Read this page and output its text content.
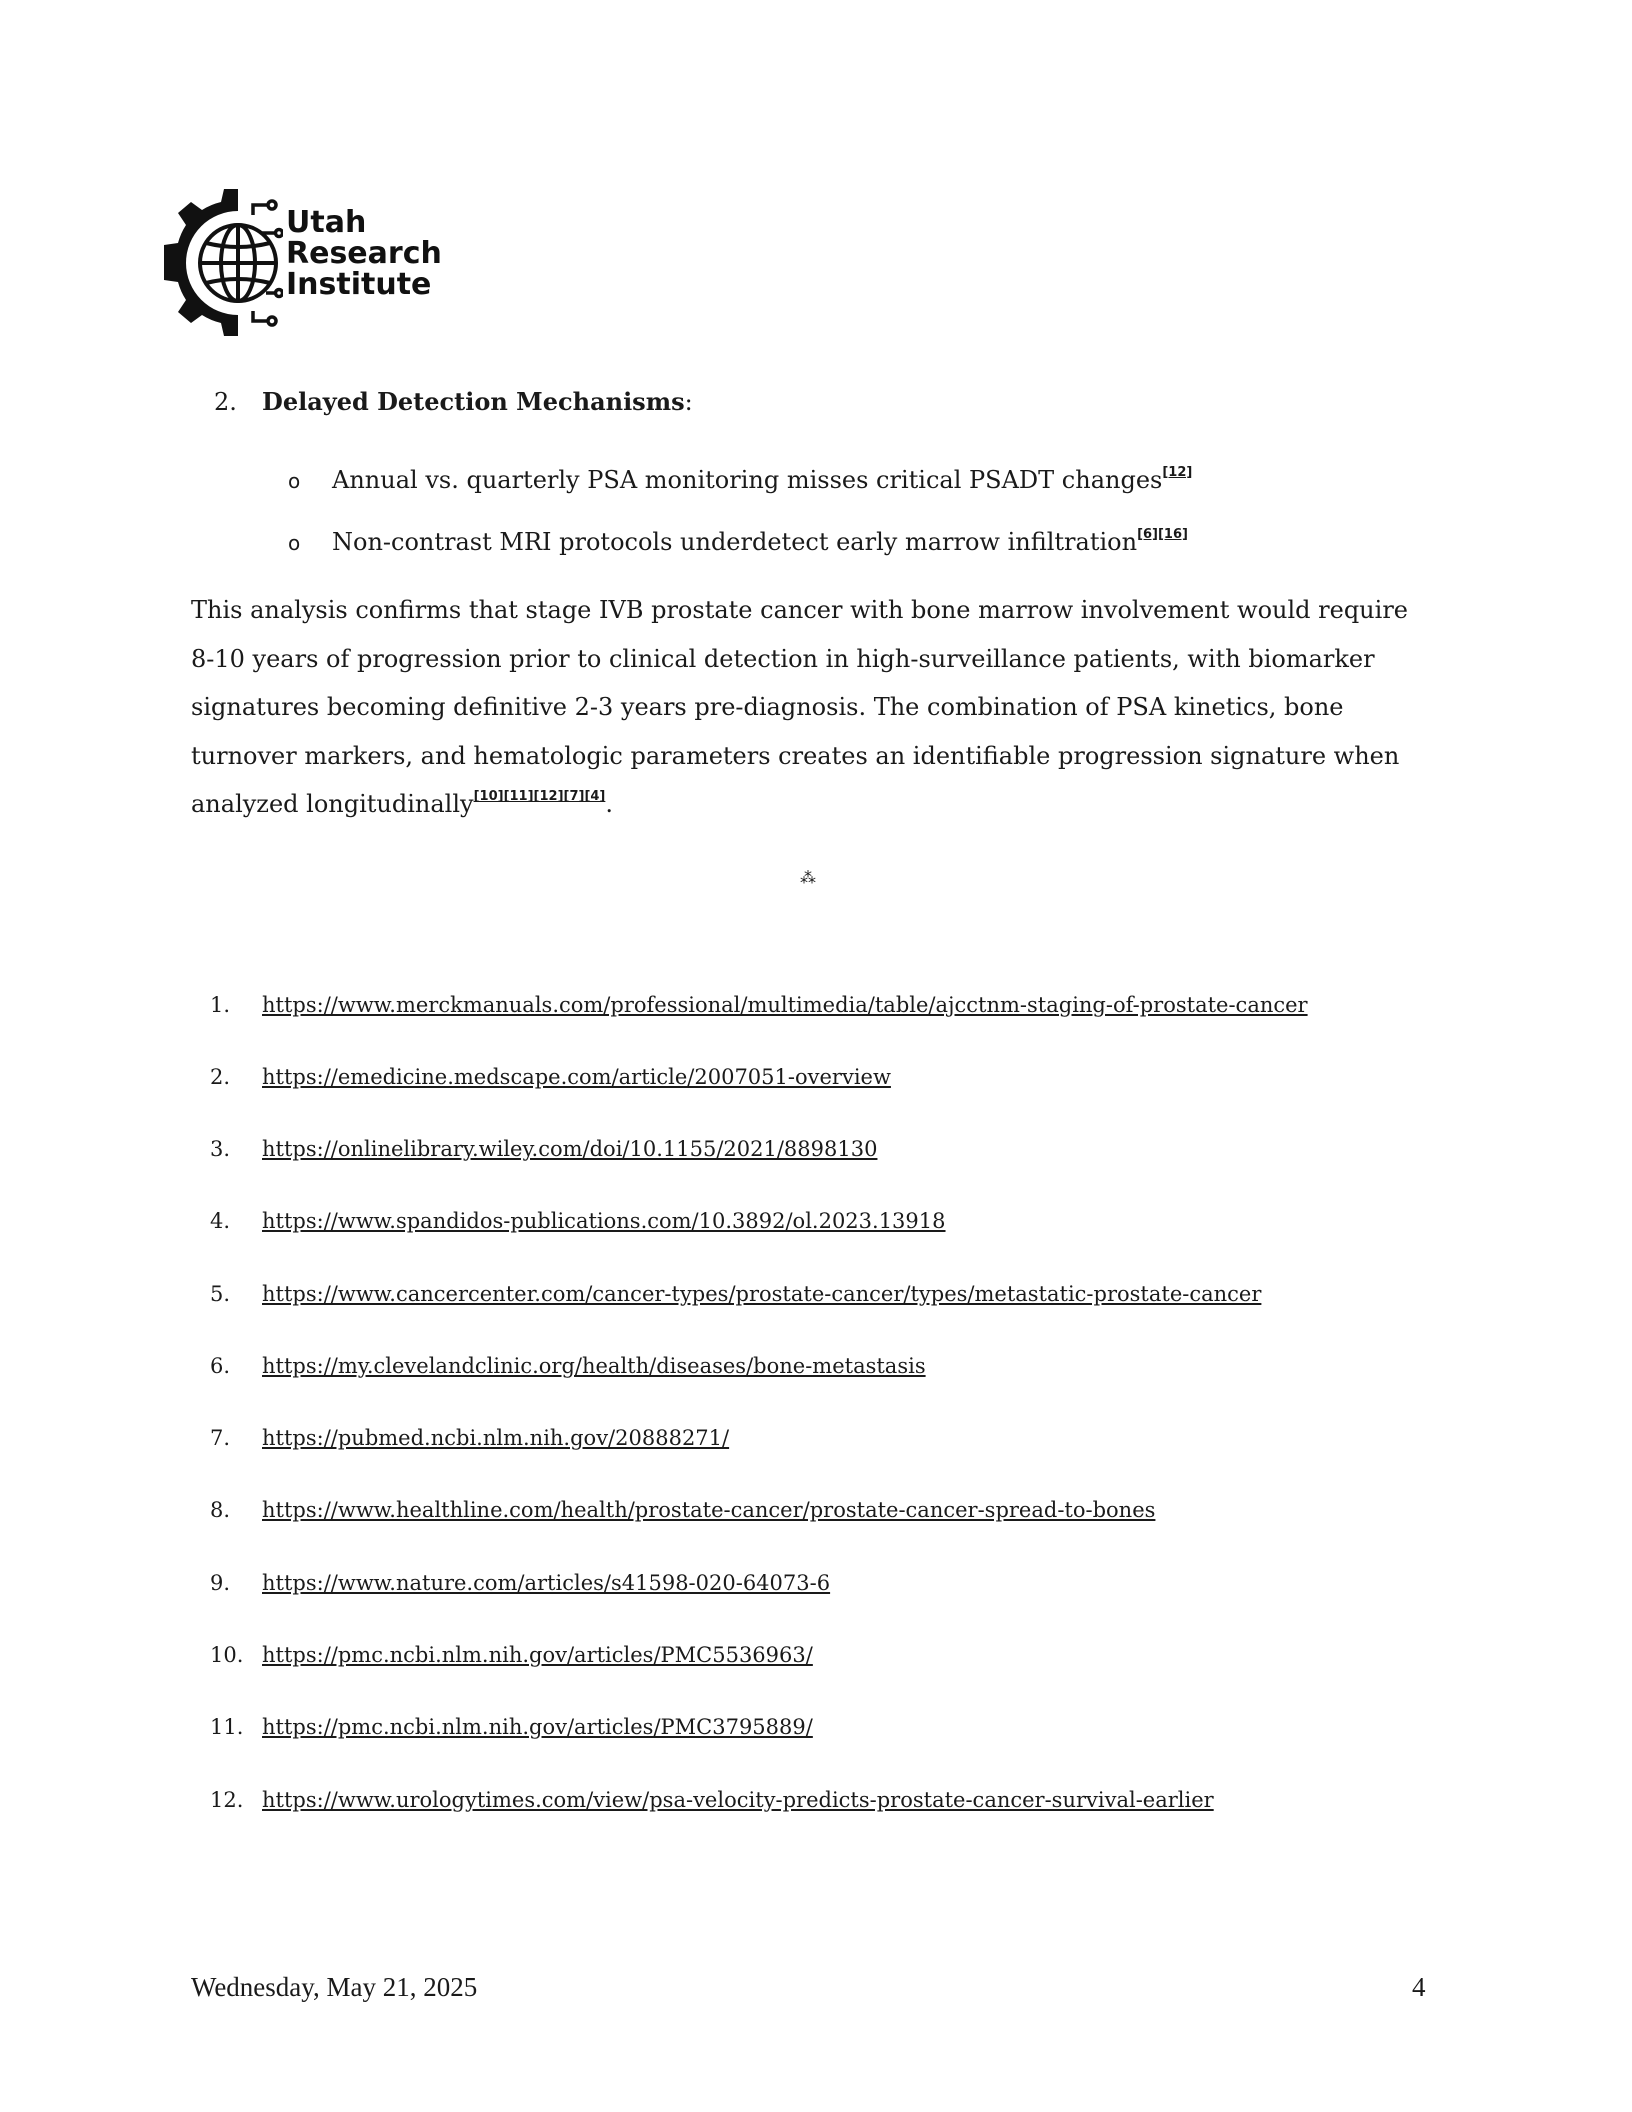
Utah
Research
Institute
2. Delayed Detection Mechanisms:
o Annual vs. quarterly PSA monitoring misses critical PSADT changes[12]
o Non-contrast MRI protocols underdetect early marrow infiltration[6][16]
This analysis confirms that stage IVB prostate cancer with bone marrow involvement would require 8-10 years of progression prior to clinical detection in high-surveillance patients, with biomarker signatures becoming definitive 2-3 years pre-diagnosis. The combination of PSA kinetics, bone turnover markers, and hematologic parameters creates an identifiable progression signature when analyzed longitudinally[10][11][12][7][4].
⁂
1. https://www.merckmanuals.com/professional/multimedia/table/ajcctnm-staging-of-prostate-cancer
2. https://emedicine.medscape.com/article/2007051-overview
3. https://onlinelibrary.wiley.com/doi/10.1155/2021/8898130
4. https://www.spandidos-publications.com/10.3892/ol.2023.13918
5. https://www.cancercenter.com/cancer-types/prostate-cancer/types/metastatic-prostate-cancer
6. https://my.clevelandclinic.org/health/diseases/bone-metastasis
7. https://pubmed.ncbi.nlm.nih.gov/20888271/
8. https://www.healthline.com/health/prostate-cancer/prostate-cancer-spread-to-bones
9. https://www.nature.com/articles/s41598-020-64073-6
10. https://pmc.ncbi.nlm.nih.gov/articles/PMC5536963/
11. https://pmc.ncbi.nlm.nih.gov/articles/PMC3795889/
12. https://www.urologytimes.com/view/psa-velocity-predicts-prostate-cancer-survival-earlier
Wednesday, May 21, 2025	4
